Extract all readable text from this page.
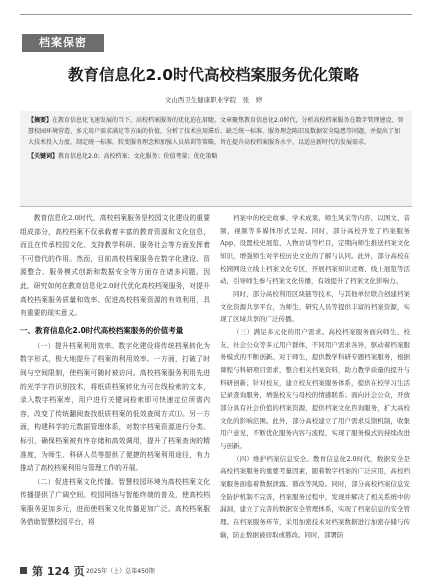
档案保密
教育信息化2.0时代高校档案服务优化策略
文山西卫生健康职业学院　张　婷
【摘要】在教育信息化飞速发展的当下，高校档案服务的优化迫在眉睫。文章聚焦教育信息化2.0时代，分析高校档案服务在数字管理建设、智慧校园环境营造、多元用户需求满足等方面的价值，分析了技术应用滞后、缺乏统一标准、服务理念陈旧及数据安全隐患等问题，并提出了加大技术投入力度、制定统一标准、转变服务理念和加强人员培训等策略，旨在提升高校档案服务水平，以适应新时代的发展需求。
【关键词】教育信息化2.0；高校档案；文化服务；价值考量；优化策略

教育信息化2.0时代，高校档案服务是校园文化建设的重要组成部分，高校档案不仅承载着丰富的教育资源和文化信息，而且在传承校园文化、支持教学科研、服务社会等方面发挥着不可替代的作用。然而，目前高校档案服务在数字化建设、资源整合、服务模式创新和数据安全等方面存在诸多问题。因此，研究如何在教育信息化2.0时代优化高校档案服务，对提升高校档案服务质量和效率、促进高校档案资源的有效利用，具有重要的现实意义。

一、教育信息化2.0时代高校档案服务的价值考量

（一）提升档案利用效率。数字化建设将传统档案转化为数字形式，极大地提升了档案的利用效率。一方面，打破了时间与空间限制，使档案可随时被访问。高校档案服务利用先进的光学字符识别技术，将纸质档案转化为可在线检索的文本，录入数字档案库，用户进行关键词检索即可快速定位所需内容，改变了传统翻阅查找纸质档案的低效查阅方式⑴。另一方面，构建科学的元数据管理体系，对数字档案资源进行分类、标引，确保档案被有序存储和高效调用，提升了档案查询的精准度，为师生、科研人员等提供了便捷的档案利用途径，有力推动了高校档案利用与管理工作的开展。

（二）促进档案文化传播。智慧校园环境为高校档案文化传播提供了广阔空间。校园网络与智能终端的普及，使高校档案服务更加多元，进而使档案文化传播更加广泛。高校档案服务借助智慧校园平台，将

档案中的校史故事、学术成果、师生风采等内容，以图文、音频、视频等多媒体形式呈现。同时，部分高校开发了档案服务App，设置校史展览、人物访谈等栏目，定期向师生推送档案文化知识，增强师生对学校历史文化的了解与认同。此外，部分高校在校园网设立线上档案文化专区，开展档案知识竞赛、线上展览等活动，引导师生参与档案文化传播，有效提升了档案文化影响力。

同时，部分高校利用区块链等技术，与其他单位联合创建档案文化资源共享平台，为师生、研究人员等提供丰富的档案资源，实现了区域共享的广泛传播。

（三）满足多元化的用户需求。高校档案服务面向师生、校友、社会公众等多元用户群体，不同用户需求各异，驱动着档案服务模式的不断创新。对于师生，提供教学科研专题档案服务，根据课程与科研项目需求，整合相关档案资料，助力教学质量的提升与科研创新；针对校友，建立校友档案服务体系，提供在校学习生活记录查询服务，增强校友与母校的情感联系；面向社会公众，开放部分具有社会价值的档案资源，提供档案文化咨询服务，扩大高校文化的影响范围。此外，部分高校建立了用户需求反馈机制，收集用户意见，不断优化服务内容与流程，实现了服务模式的持续改进与创新。

（四）维护档案信息安全。教育信息化2.0时代，数据安全是高校档案服务的重要考量因素，随着数字档案的广泛应用，高校档案服务面临着数据泄露、篡改等风险。同时，部分高校档案信息安全防护机制不完善，档案服务过程中，发现并解决了相关系统中的漏洞，建立了完善的数据安全管理体系，实现了档案信息的安全管理。在档案服务环节，采用加密技术对档案数据进行加密存储与传输，防止数据被窃取或篡改。同时，部署防

第 124 页 2025年（上）总第450期
